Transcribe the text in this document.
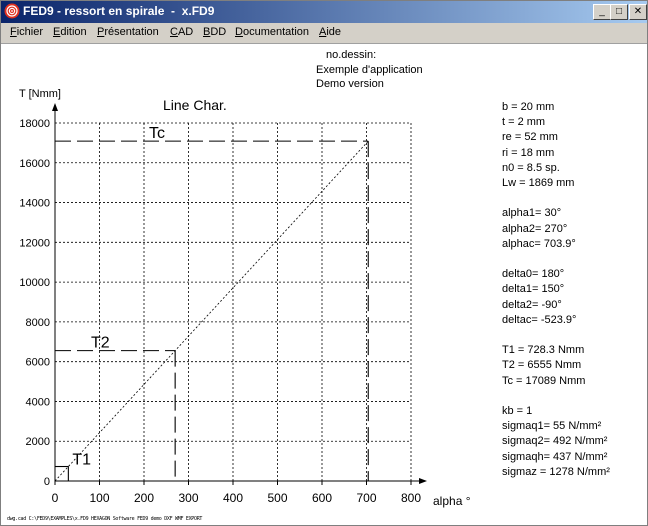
FED9 - ressort en spirale  -  x.FD9	_	□	✕
Fichier Edition Présentation CAD BDD Documentation Aide
no.dessin:
Exemple d'application
Demo version
0	100 200 300 400 500 600 700 800
0
2000
4000
6000
8000
10000
12000
14000
16000
18000
Line Char.
T [Nmm]
alpha °
T1
T2
Tc
b = 20 mm
t = 2 mm
re = 52 mm
ri = 18 mm
n0 = 8.5 sp.
Lw = 1869 mm
alpha1= 30°
alpha2= 270°
alphac= 703.9°
delta0= 180°
delta1= 150°
delta2= -90°
deltac= -523.9°
T1 = 728.3 Nmm
T2 = 6555 Nmm
Tc = 17089 Nmm
kb = 1
sigmaq1= 55 N/mm²
sigmaq2= 492 N/mm²
sigmaqh= 437 N/mm²
sigmaz = 1278 N/mm²
dwg.cad C:\FED9\EXAMPLES\x.FD9 HEXAGON Software FED9 demo DXF WMF EXPORT
